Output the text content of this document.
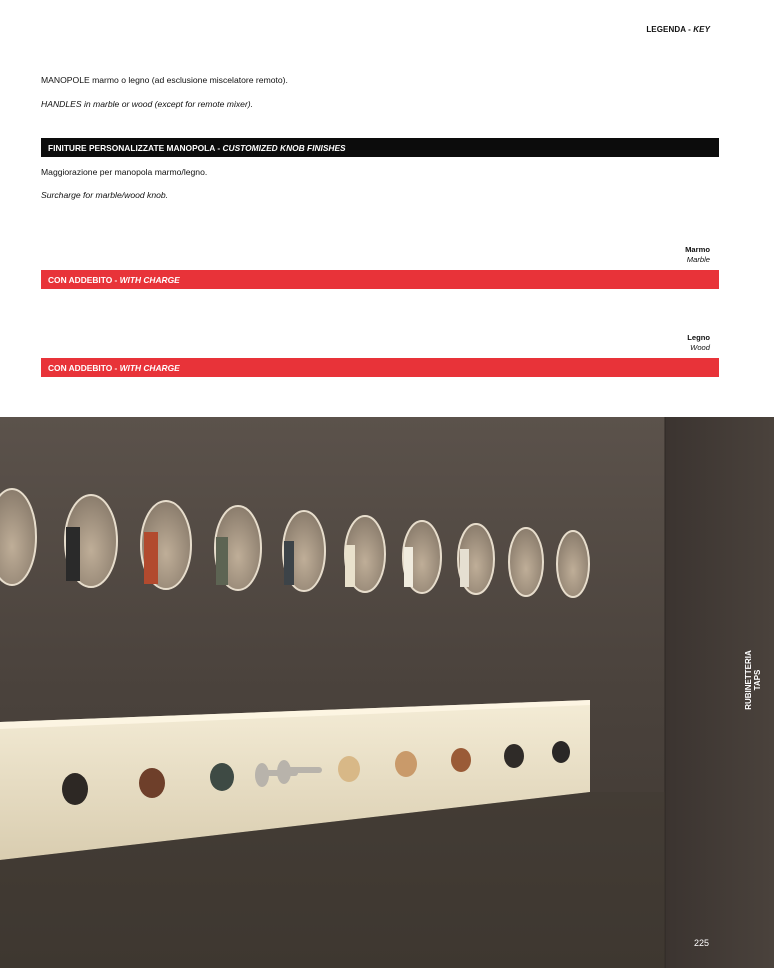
LEGENDA - KEY
MANOPOLE marmo o legno (ad esclusione miscelatore remoto).
HANDLES in marble or wood (except for remote mixer).
FINITURE PERSONALIZZATE MANOPOLA -
CUSTOMIZED KNOB FINISHES
Maggiorazione per manopola marmo/legno.
Surcharge for marble/wood knob.
Marmo
Marble
CON ADDEBITO -
WITH CHARGE
Legno
Wood
CON ADDEBITO -
WITH CHARGE
RUBINETTERIA TAPS
225
